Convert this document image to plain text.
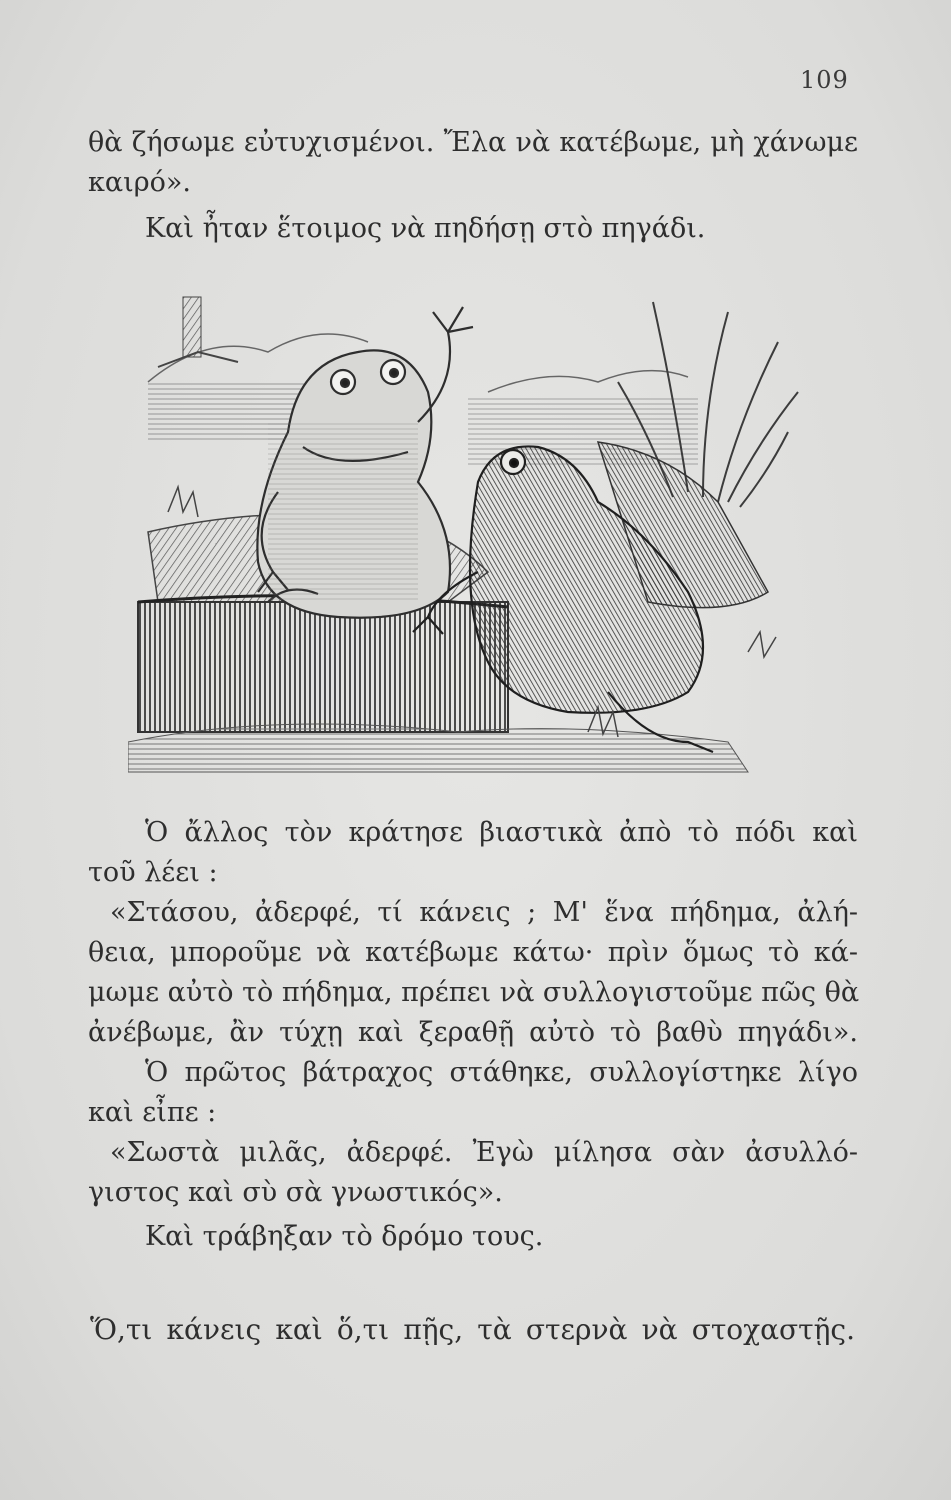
109
θὰ ζήσωμε εὐτυχισμένοι. Ἔλα νὰ κατέβωμε, μὴ χάνωμε
καιρό».
Καὶ ἦταν ἕτοιμος νὰ πηδήσῃ στὸ πηγάδι.
Ὁ ἄλλος τὸν κράτησε βιαστικὰ ἀπὸ τὸ πόδι καὶ
τοῦ λέει :
«Στάσου, ἀδερφέ, τί κάνεις ; Μ' ἕνα πήδημα, ἀλή-
θεια, μποροῦμε νὰ κατέβωμε κάτω· πρὶν ὅμως τὸ κά-
μωμε αὐτὸ τὸ πήδημα, πρέπει νὰ συλλογιστοῦμε πῶς θὰ
ἀνέβωμε, ἂν τύχῃ καὶ ξεραθῇ αὐτὸ τὸ βαθὺ πηγάδι».
Ὁ πρῶτος βάτραχος στάθηκε, συλλογίστηκε λίγο
καὶ εἶπε :
«Σωστὰ μιλᾶς, ἀδερφέ. Ἐγὼ μίλησα σὰν ἀσυλλό-
γιστος καὶ σὺ σὰ γνωστικός».
Καὶ τράβηξαν τὸ δρόμο τους.
Ὅ,τι κάνεις καὶ ὅ,τι πῇς, τὰ στερνὰ νὰ στοχαστῇς.
